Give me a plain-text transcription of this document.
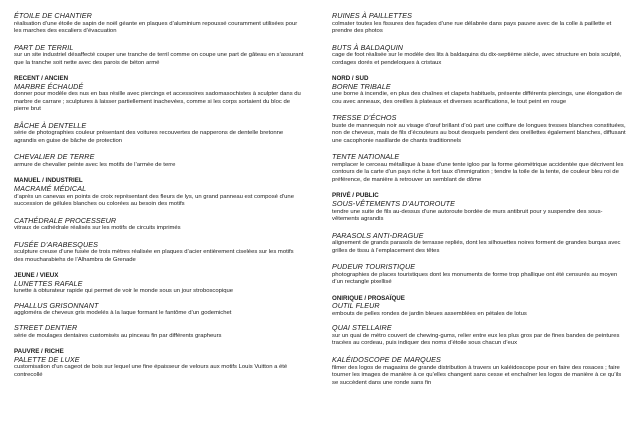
ÉTOILE DE CHANTIER
réalisation d’une étoile de sapin de noël géante en plaques d’aluminium repoussé couramment utilisées pour les marches des escaliers d’évacuation
PART DE TERRIL
sur un site industriel désaffecté couper une tranche de terril comme on coupe une part de gâteau en s’assurant que la tranche soit nette avec des parois de béton armé
RECENT / ANCIEN
MARBRE ÉCHAUDÉ
donner pour modèle des nus en bas résille avec piercings et accessoires sadomasochistes à sculpter dans du marbre de carrare ; sculptures à laisser partiellement inachevées, comme si les corps sortaient du bloc de pierre brut
BÂCHE À DENTELLE
série de photographies couleur présentant des voitures recouvertes de napperons de dentelle bretonne agrandis en guise de bâche de protection
CHEVALIER DE TERRE
armure de chevalier peinte avec les motifs de l’armée de terre
MANUEL / INDUSTRIEL
MACRAMÉ MÉDICAL
d’après un canevas en points de croix représentant des fleurs de lys, un grand panneau est composé d’une succession de gélules blanches ou colorées au besoin des motifs
CATHÉDRALE PROCESSEUR
vitraux de cathédrale réalisés sur les motifs de circuits imprimés
FUSÉE D’ARABESQUES
sculpture creuse d’une fusée de trois mètres réalisée en plaques d’acier entièrement ciselées sur les motifs des moucharabiehs de l’Alhambra de Grenade
JEUNE / VIEUX
LUNETTES RAFALE
lunette à obturateur rapide qui permet de voir le monde sous un jour stroboscopique
PHALLUS GRISONNANT
aggloméra de cheveux gris modelés à la laque formant le fantôme d’un godemichet
STREET DENTIER
série de moulages dentaires customisés au pinceau fin par différents grapheurs
PAUVRE / RICHE
PALETTE DE LUXE
customisation d’un cageot de bois sur lequel une fine épaisseur de velours aux motifs Louis Vuitton a été contrecollé
RUINES À PAILLETTES
colmater toutes les fissures des façades d’une rue délabrée dans pays pauvre avec de la colle à paillette et prendre des photos
BUTS À BALDAQUIN
cage de foot réalisée sur le modèle des lits à baldaquins du dix-septième siècle, avec structure en bois sculpté, cordages dorés et pendeloques à cristaux
NORD / SUD
BORNE TRIBALE
une borne à incendie, en plus des chaînes et clapets habituels, présente différents piercings, une élongation de cou avec anneaux, des oreilles à plateaux et diverses scarifications, le tout peint en rouge
TRESSE D’ÉCHOS
buste de mannequin noir au visage d’œuf brillant d’où part une coiffure de longues tresses blanches constituées, non de cheveux, mais de fils d’écouteurs au bout desquels pendent des oreillettes également blanches, diffusant une cacophonie nasillarde de chants traditionnels
TENTE NATIONALE
remplacer le cerceau métallique à base d’une tente igloo par la forme géométrique accidentée que décrivent les contours de la carte d’un pays riche à fort taux d’immigration ; tendre la toile de la tente, de couleur bleu roi de préférence, de manière à retrouver un semblant de dôme
PRIVÉ / PUBLIC
SOUS-VÊTEMENTS D’AUTOROUTE
tendre une suite de fils au-dessus d’une autoroute bordée de murs antibruit pour y suspendre des sous-vêtements agrandis
PARASOLS ANTI-DRAGUE
alignement de grands parasols de terrasse repliés, dont les silhouettes noires forment de grandes burqas avec grilles de tissu à l’emplacement des têtes
PUDEUR TOURISTIQUE
photographies de places touristiques dont les monuments de forme trop phallique ont été censurés au moyen d’un rectangle pixellisé
ONIRIQUE / PROSAÏQUE
OUTIL FLEUR
embouts de pelles rondes de jardin bleues assemblées en pétales de lotus
QUAI STELLAIRE
sur un quai de métro couvert de chewing-gums, relier entre eux les plus gros par de fines bandes de peintures tracées au cordeau, puis indiquer des noms d’étoile sous chacun d’eux
KALÉIDOSCOPE DE MARQUES
filmer des logos de magasins de grande distribution à travers un kaléidoscope pour en faire des rosaces ; faire tourner les images de manière à ce qu’elles changent sans cesse et enchaîner les logos de manière à ce qu’ils se succèdent dans une ronde sans fin
